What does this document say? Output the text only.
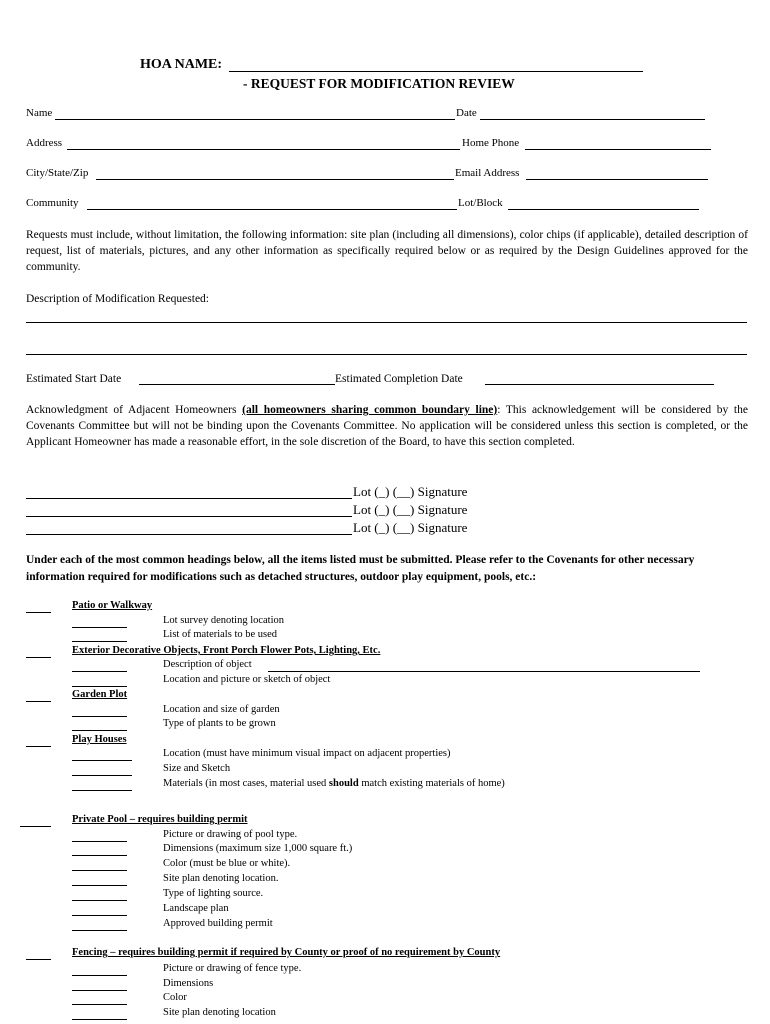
HOA NAME:
- REQUEST FOR MODIFICATION REVIEW
Name	Date
Address	Home Phone
City/State/Zip	Email Address
Community	Lot/Block
Requests must include, without limitation, the following information: site plan (including all dimensions), color chips (if applicable), detailed description of request, list of materials, pictures, and any other information as specifically required below or as required by the Design Guidelines approved for the community.
Description of Modification Requested:
Estimated Start Date	Estimated Completion Date
Acknowledgment of Adjacent Homeowners (all homeowners sharing common boundary line): This acknowledgement will be considered by the Covenants Committee but will not be binding upon the Covenants Committee. No application will be considered unless this section is completed, or the Applicant Homeowner has made a reasonable effort, in the sole discretion of the Board, to have this section completed.
Lot (_) (__) Signature
Lot (_) (__) Signature
Lot (_) (__) Signature
Under each of the most common headings below, all the items listed must be submitted. Please refer to the Covenants for other necessary information required for modifications such as detached structures, outdoor play equipment, pools, etc.:
Patio or Walkway
Lot survey denoting location
List of materials to be used
Exterior Decorative Objects, Front Porch Flower Pots, Lighting, Etc.
Description of object
Location and picture or sketch of object
Garden Plot
Location and size of garden
Type of plants to be grown
Play Houses
Location (must have minimum visual impact on adjacent properties)
Size and Sketch
Materials (in most cases, material used should match existing materials of home)
Private Pool – requires building permit
Picture or drawing of pool type.
Dimensions (maximum size 1,000 square ft.)
Color (must be blue or white).
Site plan denoting location.
Type of lighting source.
Landscape plan
Approved building permit
Fencing – requires building permit if required by County or proof of no requirement by County
Picture or drawing of fence type.
Dimensions
Color
Site plan denoting location
